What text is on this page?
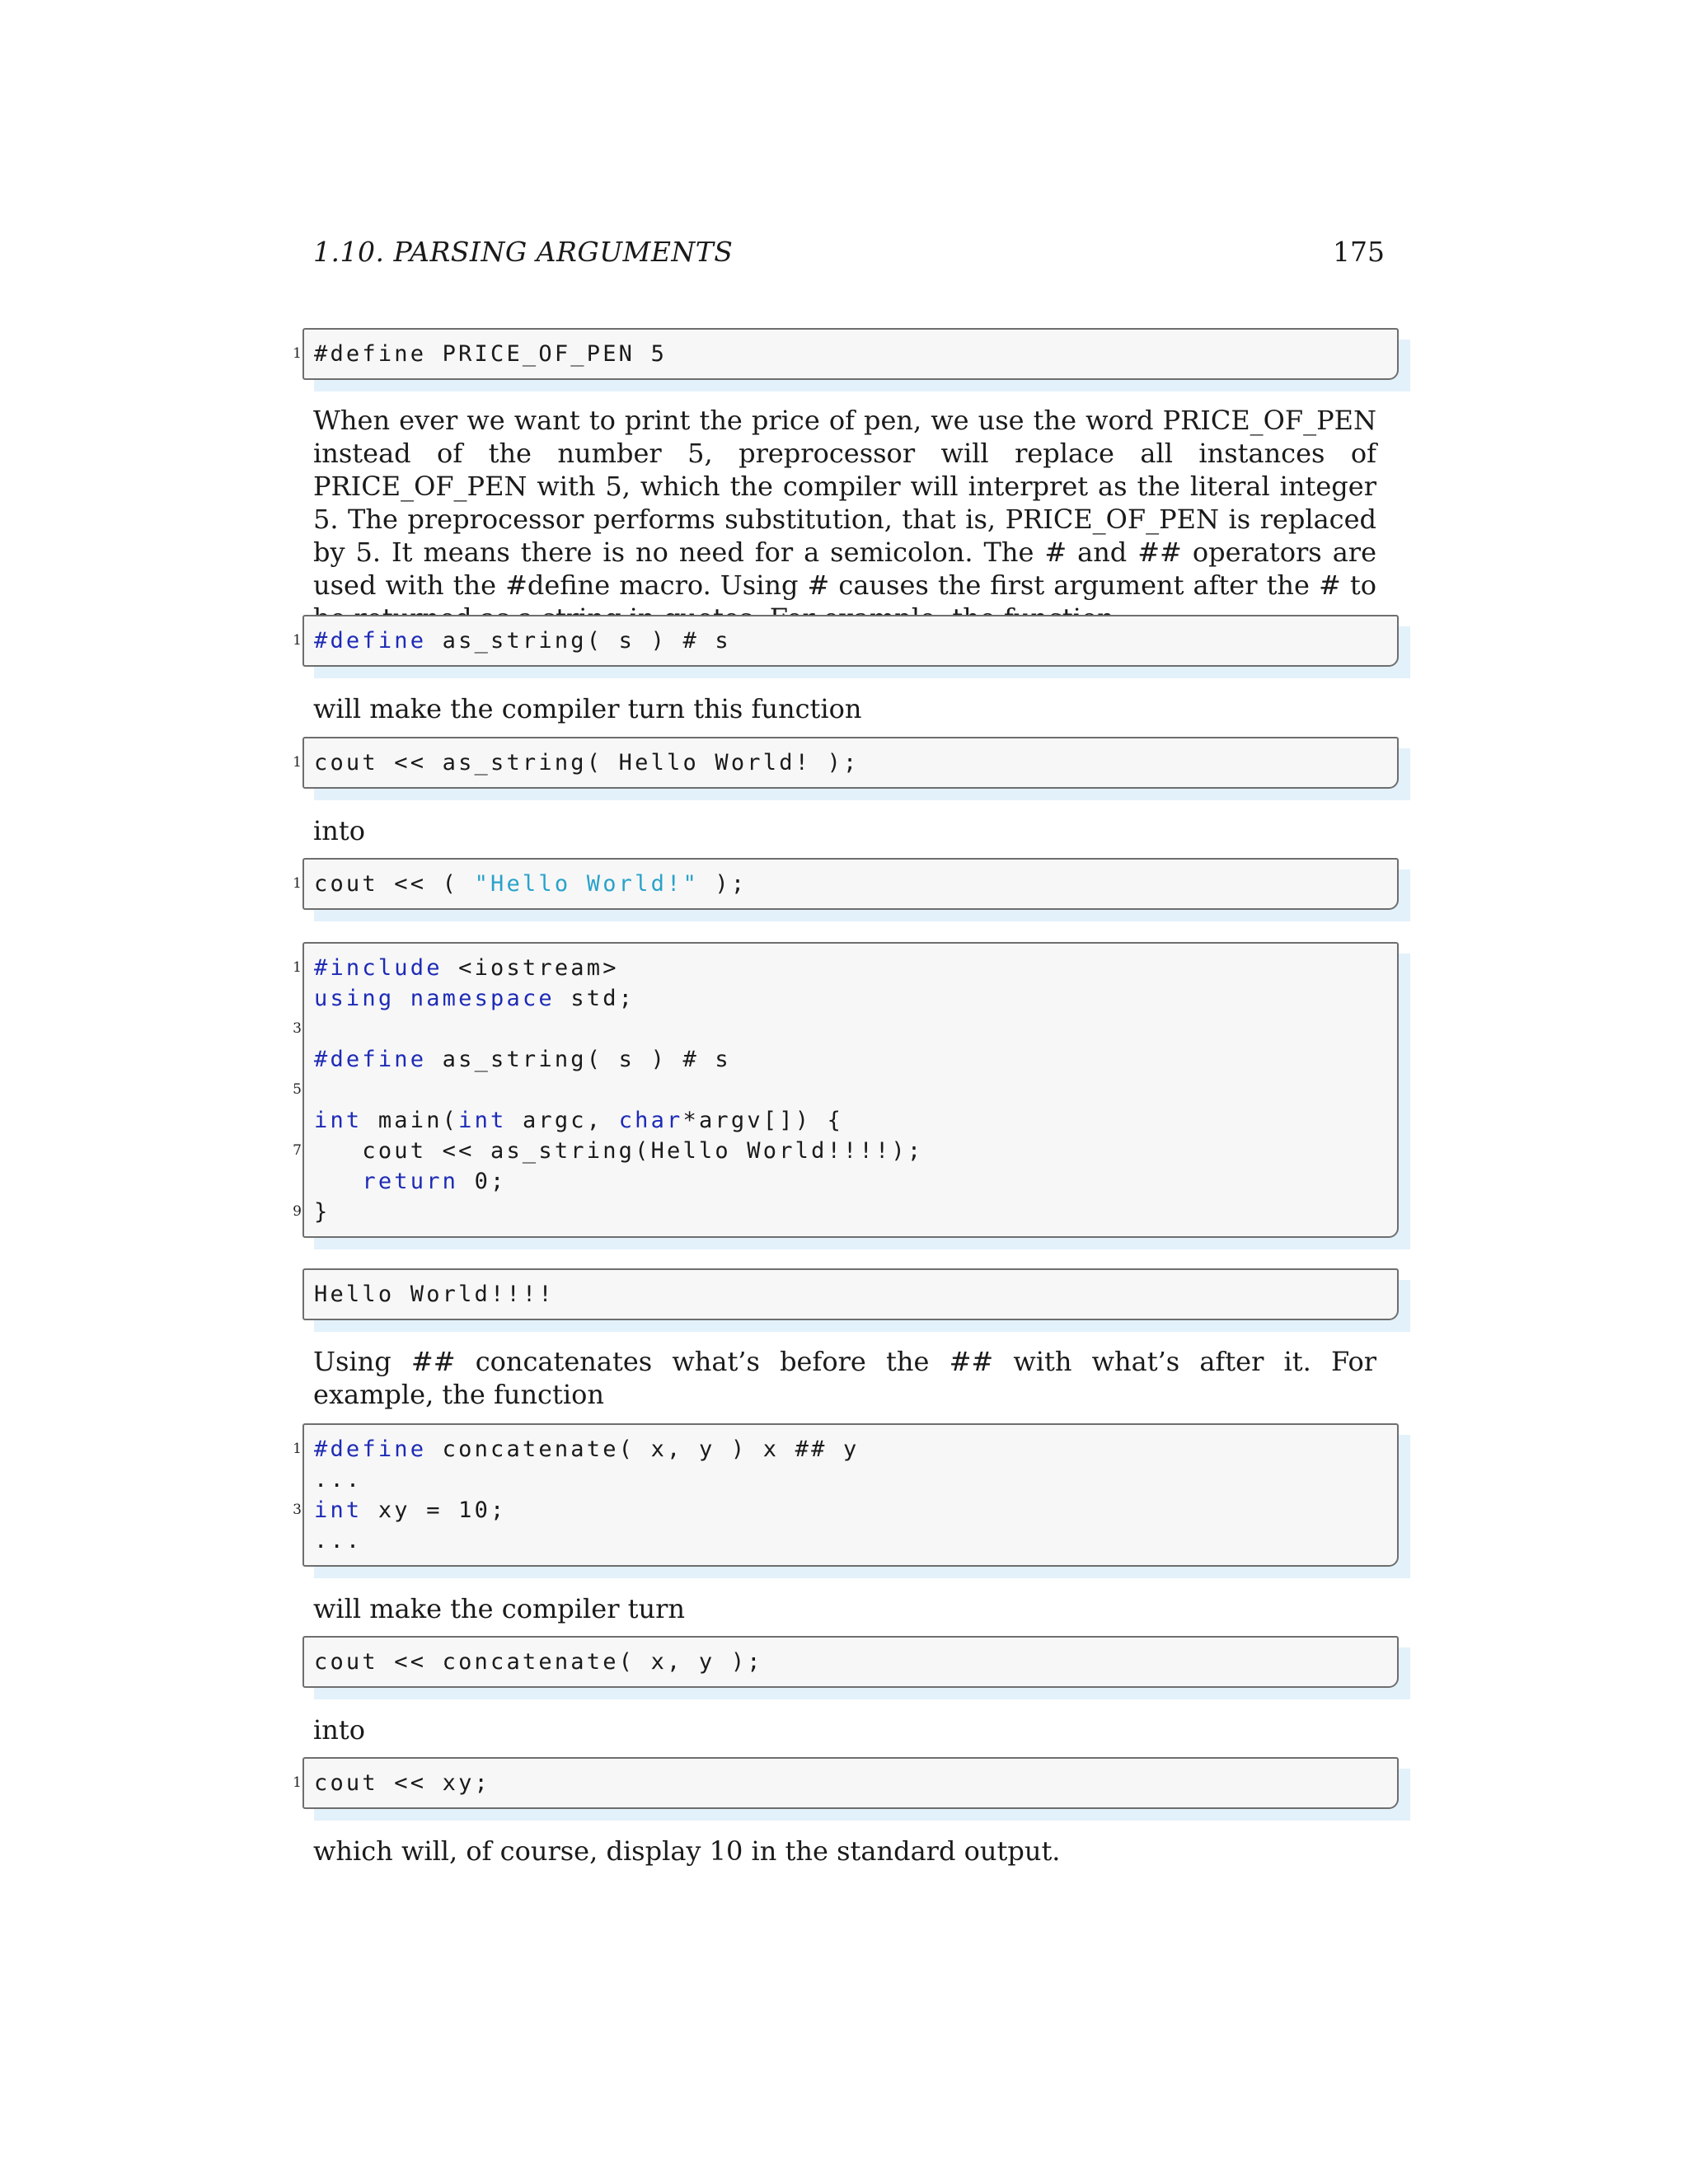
1.10. PARSING ARGUMENTS	175
1 #define PRICE_OF_PEN 5
When ever we want to print the price of pen, we use the word PRICE_OF_PEN instead of the number 5, preprocessor will replace all instances of PRICE_OF_PEN with 5, which the compiler will interpret as the literal integer 5. The preprocessor performs substitution, that is, PRICE_OF_PEN is replaced by 5. It means there is no need for a semicolon. The # and ## operators are used with the #define macro. Using # causes the first argument after the # to
1 #define as_string( s ) # s
will make the compiler turn this function
1 cout << as_string( Hello World! );
into
1 cout << ( "Hello World!" );
1 #include <iostream>
using namespace std;
3
#define as_string( s ) # s
5
int main(int argc, char*argv[]) {
7 cout << as_string(Hello World!!!!);
return 0;
9 }
Hello World!!!!
Using ## concatenates what’s before the ## with what’s after it. For example, the function
1 #define concatenate( x, y ) x ## y
...
3 int xy = 10;
...
will make the compiler turn
cout << concatenate( x, y );
into
1 cout << xy;
which will, of course, display 10 in the standard output.
